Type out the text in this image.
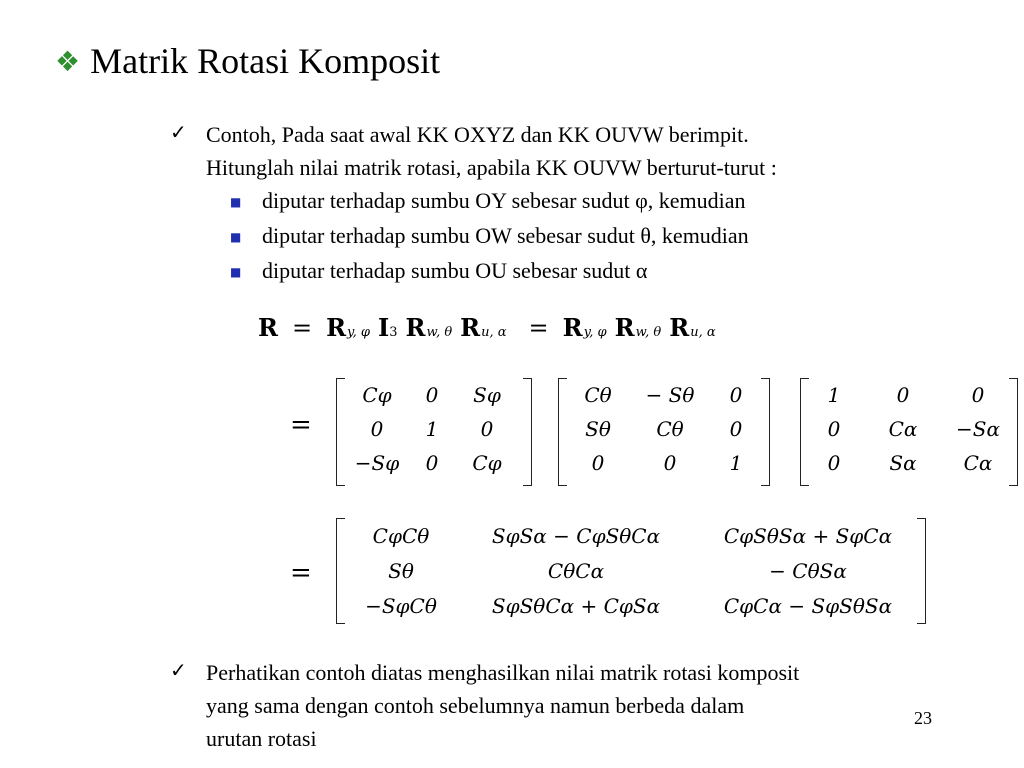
❖ Matrik Rotasi Komposit
✓ Contoh, Pada saat awal KK OXYZ dan KK OUVW berimpit.
Hitunglah nilai matrik rotasi, apabila KK OUVW berturut-turut :
■ diputar terhadap sumbu OY sebesar sudut φ, kemudian
■ diputar terhadap sumbu OW sebesar sudut θ, kemudian
■ diputar terhadap sumbu OU sebesar sudut α
R = R y, φ I 3 R w, θ R u, α = R y, φ R w, θ R u, α
=
=
Cφ 0 Sφ
0 1 0
−Sφ 0 Cφ
Cθ − Sθ 0
Sθ Cθ 0
0	0	1
1	0	0
0 Cα −Sα
0 Sα Cα
CφCθ	SφSα − CφSθCα	CφSθSα + SφCα
Sθ	CθCα	− CθSα
−SφCθ	SφSθCα + CφSα	CφCα − SφSθSα
✓ Perhatikan contoh diatas menghasilkan nilai matrik rotasi komposit
yang sama dengan contoh sebelumnya namun berbeda dalam
urutan rotasi
23
